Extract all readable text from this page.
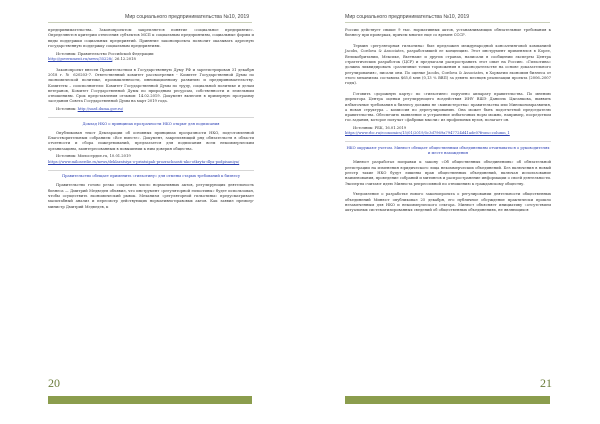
Мир социального предпринимательства №10, 2019

предпринимательства. Законопроектом закрепляется понятие «социальное предприятие». Определяются критерии отнесения субъектов МСП к социальным предприятиям, социальные формы и виды поддержки социальных предприятий. Принятие законопроекта позволит оказывать адресную государственную поддержку социальным предприятиям.

Источник: Правительство Российской Федерации
http://government.ru/news/35228/, 26.12.2018

Законопроект внесен Правительством в Государственную Думу РФ и зарегистрирован 31 декабря 2018 г. № 620203-7. Ответственный комитет рассмотрения - Комитет Государственной Думы по экономической политике, промышленности, инновационному развитию и предпринимательству. Комитеты – соисполнители: Комитет Государственной Думы по труду, социальной политике и делам ветеранов, Комитет Государственной Думы по природным ресурсам, собственности и земельным отношениям. Срок представления отзывов: 14.02.2019. Документ включен в примерную программу заседания Совета Государственной Думы на март 2019 года.

Источник: http://sozd.duma.gov.ru/

Доклад НКО о принципах прозрачности НКО открыт для подписания

Опубликован текст Декларации об основных принципах прозрачности НКО, подготовленной Благотворительным собранием «Все вместе». Документ, закрепляющий ряд обязательств в области отчетности и сбора пожертвований, предлагается для подписания всем некоммерческим организациям, заинтересованным в повышении к ним доверия общества.

Источник: Милосердие.ru, 10.01.2019
https://www.miloserdie.ru/news/deklaratsiya-o-printsipah-prozrachnosti-nko-otkryta-dlya-podpisaniya/

Правительство обещает применить «гильотину» для отмены старых требований к бизнесу

Правительство готово резко сократить число нормативных актов, регулирующих деятельность бизнеса — Дмитрий Медведев объявил, что инструмент «регуляторной гильотины» будет использован, чтобы осуществить экономический рывок. Механизм «регуляторной гильотины» предусматривает масштабный анализ и пересмотр действующих нормативно-правовых актов. Как заявил премьер-министр Дмитрий Медведев, к

20
Мир социального предпринимательства №10, 2019

России действует свыше 9 тыс. нормативных актов, устанавливающих обязательные требования к бизнесу при проверках, причем многие еще со времен СССР.

Термин «регуляторная гильотина» был предложен международной консалтинговой компанией Jacobs, Cordova & Associates, разработавшей ее концепцию. Этот инструмент применялся в Корее, Великобритании, Мексике, Вьетнаме и других странах, написали в сообщении эксперты Центра стратегических разработок (ЦСР) и предлагали распространить этот опыт на Россию. «Гильотина» должна ликвидировать «различные точки торможения в законодательстве на основе доказательного регулирования», писали они. По оценке Jacobs, Cordova & Associates, в Хорватии экономия бизнеса от этого механизма составила $65,6 млн (0,13 % ВВП) за девять месяцев реализации проекта (2006–2007 годы).

Готовить «дорожную карту» по «гильотине» поручено аппарату правительства. По мнению директора Центра оценки регулирующего воздействия ИНУ ВШЭ Даниэль Цыганкова, выявить избыточные требования к бизнесу должны не «министерства» правительства или Минэкономразвития, а новая структура – комиссия по дерегулированию. Она может быть подотчетной председателю правительства. Обеспечить выявление и устранение избыточных норм можно, например, посредством гос.задания, которое получат «фабрики мысли» из профильных вузов, полагает он.

Источник: РБК, 16.01.2019
https://www.rbc.ru/economics/15/01/2019/5c3d7969a7947724d41ade0?from=column_1

НКО окружают учетом. Минюст обещает общественным объединениям отчитываться о руководителях и месте нахождения

Минюст разработал поправки к закону «Об общественных объединениях» об обязательной регистрации на изменения юридического лица некоммерческих объединений. Без включения в новый реестр такие НКО будут лишены прав общественных объединений, включая использование наименования, проведение собраний и митингов и распространение информации о своей деятельности. Эксперты считают идею Минюста репрессивной по отношению к гражданскому обществу.

Уведомление о разработке нового законопроекта о регулировании деятельности общественных объединений Минюст опубликовал 25 декабря, его публичное обсуждение практически прошло незамеченным для НКО и некоммерческого сектора. Минюст объясняет инициативу «отсутствием актуальных систематизированных сведений об общественных объединениях, не являющихся

21
